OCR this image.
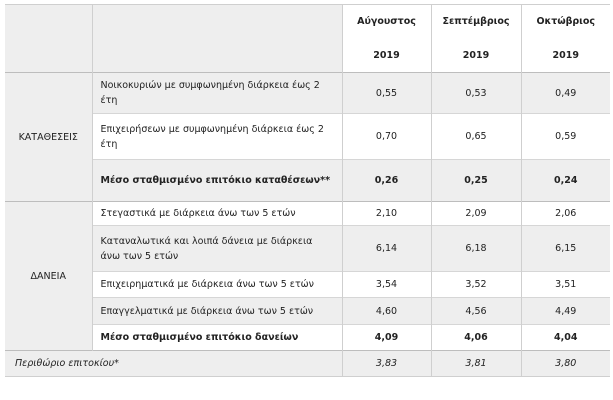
		Αύγουστος	Σεπτέμβριος	Οκτώβριος
		2019	2019	2019
ΚΑΤΑΘΕΣΕΙΣ	Νοικοκυριών με συμφωνημένη διάρκεια έως 2 έτη	0,55	0,53	0,49
	Επιχειρήσεων με συμφωνημένη διάρκεια έως 2 έτη	0,70	0,65	0,59
	Μέσο σταθμισμένο επιτόκιο καταθέσεων**	0,26	0,25	0,24
ΔΑΝΕΙΑ	Στεγαστικά με διάρκεια άνω των 5 ετών	2,10	2,09	2,06
	Καταναλωτικά και λοιπά δάνεια με διάρκεια άνω των 5 ετών	6,14	6,18	6,15
	Επιχειρηματικά με διάρκεια άνω των 5 ετών	3,54	3,52	3,51
	Επαγγελματικά με διάρκεια άνω των 5 ετών	4,60	4,56	4,49
	Μέσο σταθμισμένο επιτόκιο δανείων	4,09	4,06	4,04
Περιθώριο επιτοκίου*		3,83	3,81	3,80
